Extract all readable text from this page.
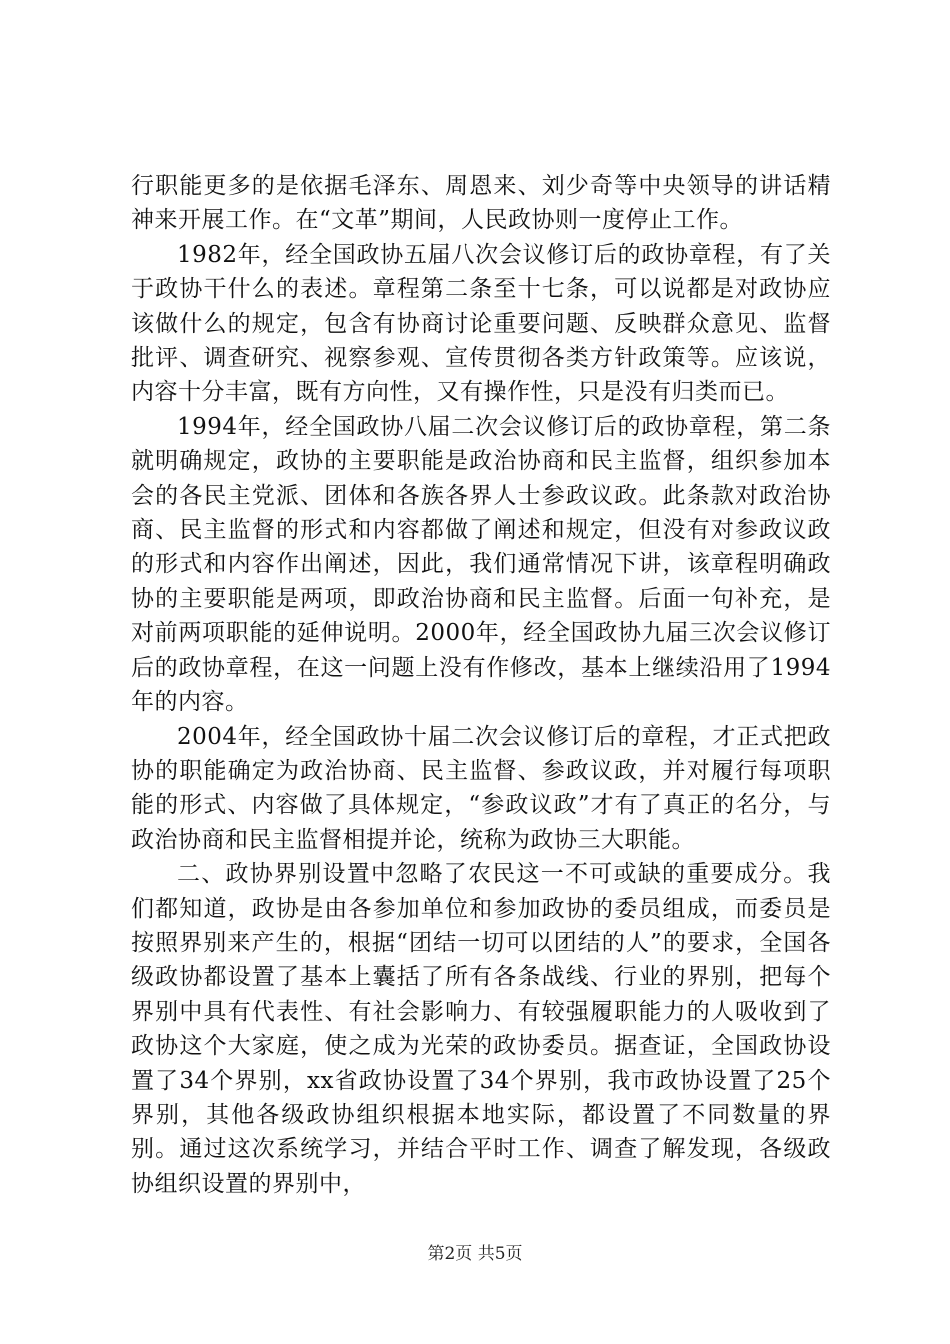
行职能更多的是依据毛泽东、周恩来、刘少奇等中央领导的讲话精神来开展工作。在“文革”期间，人民政协则一度停止工作。

1982年，经全国政协五届八次会议修订后的政协章程，有了关于政协干什么的表述。章程第二条至十七条，可以说都是对政协应该做什么的规定，包含有协商讨论重要问题、反映群众意见、监督批评、调查研究、视察参观、宣传贯彻各类方针政策等。应该说，内容十分丰富，既有方向性，又有操作性，只是没有归类而已。

1994年，经全国政协八届二次会议修订后的政协章程，第二条就明确规定，政协的主要职能是政治协商和民主监督，组织参加本会的各民主党派、团体和各族各界人士参政议政。此条款对政治协商、民主监督的形式和内容都做了阐述和规定，但没有对参政议政的形式和内容作出阐述，因此，我们通常情况下讲，该章程明确政协的主要职能是两项，即政治协商和民主监督。后面一句补充，是对前两项职能的延伸说明。2000年，经全国政协九届三次会议修订后的政协章程，在这一问题上没有作修改，基本上继续沿用了1994年的内容。

2004年，经全国政协十届二次会议修订后的章程，才正式把政协的职能确定为政治协商、民主监督、参政议政，并对履行每项职能的形式、内容做了具体规定，“参政议政”才有了真正的名分，与政治协商和民主监督相提并论，统称为政协三大职能。

二、政协界别设置中忽略了农民这一不可或缺的重要成分。我们都知道，政协是由各参加单位和参加政协的委员组成，而委员是按照界别来产生的，根据“团结一切可以团结的人”的要求，全国各级政协都设置了基本上囊括了所有各条战线、行业的界别，把每个界别中具有代表性、有社会影响力、有较强履职能力的人吸收到了政协这个大家庭，使之成为光荣的政协委员。据查证，全国政协设置了34个界别，xx省政协设置了34个界别，我市政协设置了25个界别，其他各级政协组织根据本地实际，都设置了不同数量的界别。通过这次系统学习，并结合平时工作、调查了解发现，各级政协组织设置的界别中，

第2页 共5页
